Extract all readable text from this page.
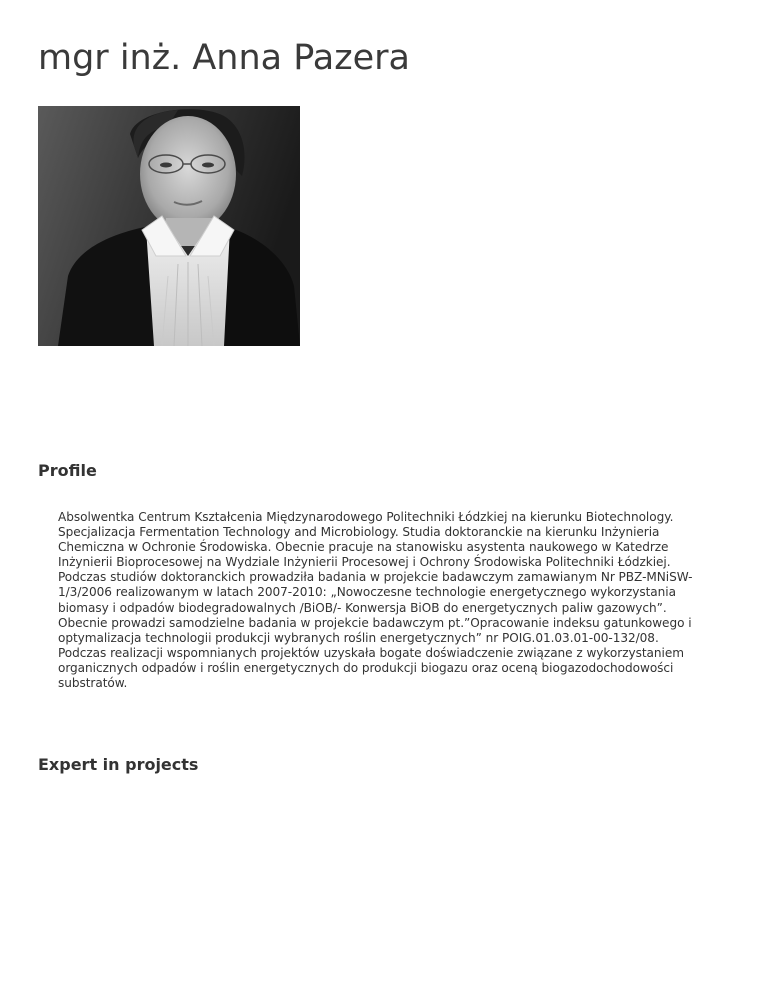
mgr inż. Anna Pazera
Profile

Absolwentka Centrum Kształcenia Międzynarodowego Politechniki Łódzkiej na kierunku Biotechnology. Specjalizacja Fermentation Technology and Microbiology. Studia doktoranckie na kierunku Inżynieria Chemiczna w Ochronie Środowiska. Obecnie pracuje na stanowisku asystenta naukowego w Katedrze Inżynierii Bioprocesowej na Wydziale Inżynierii Procesowej i Ochrony Środowiska Politechniki Łódzkiej. Podczas studiów doktoranckich prowadziła badania w projekcie badawczym zamawianym Nr PBZ-MNiSW-1/3/2006 realizowanym w latach 2007-2010: „Nowoczesne technologie energetycznego wykorzystania biomasy i odpadów biodegradowalnych /BiOB/- Konwersja BiOB do energetycznych paliw gazowych”. Obecnie prowadzi samodzielne badania w projekcie badawczym pt.”Opracowanie indeksu gatunkowego i optymalizacja technologii produkcji wybranych roślin energetycznych” nr POIG.01.03.01-00-132/08. Podczas realizacji wspomnianych projektów uzyskała bogate doświadczenie związane z wykorzystaniem organicznych odpadów i roślin energetycznych do produkcji biogazu oraz oceną biogazodochodowości substratów.

Expert in projects
